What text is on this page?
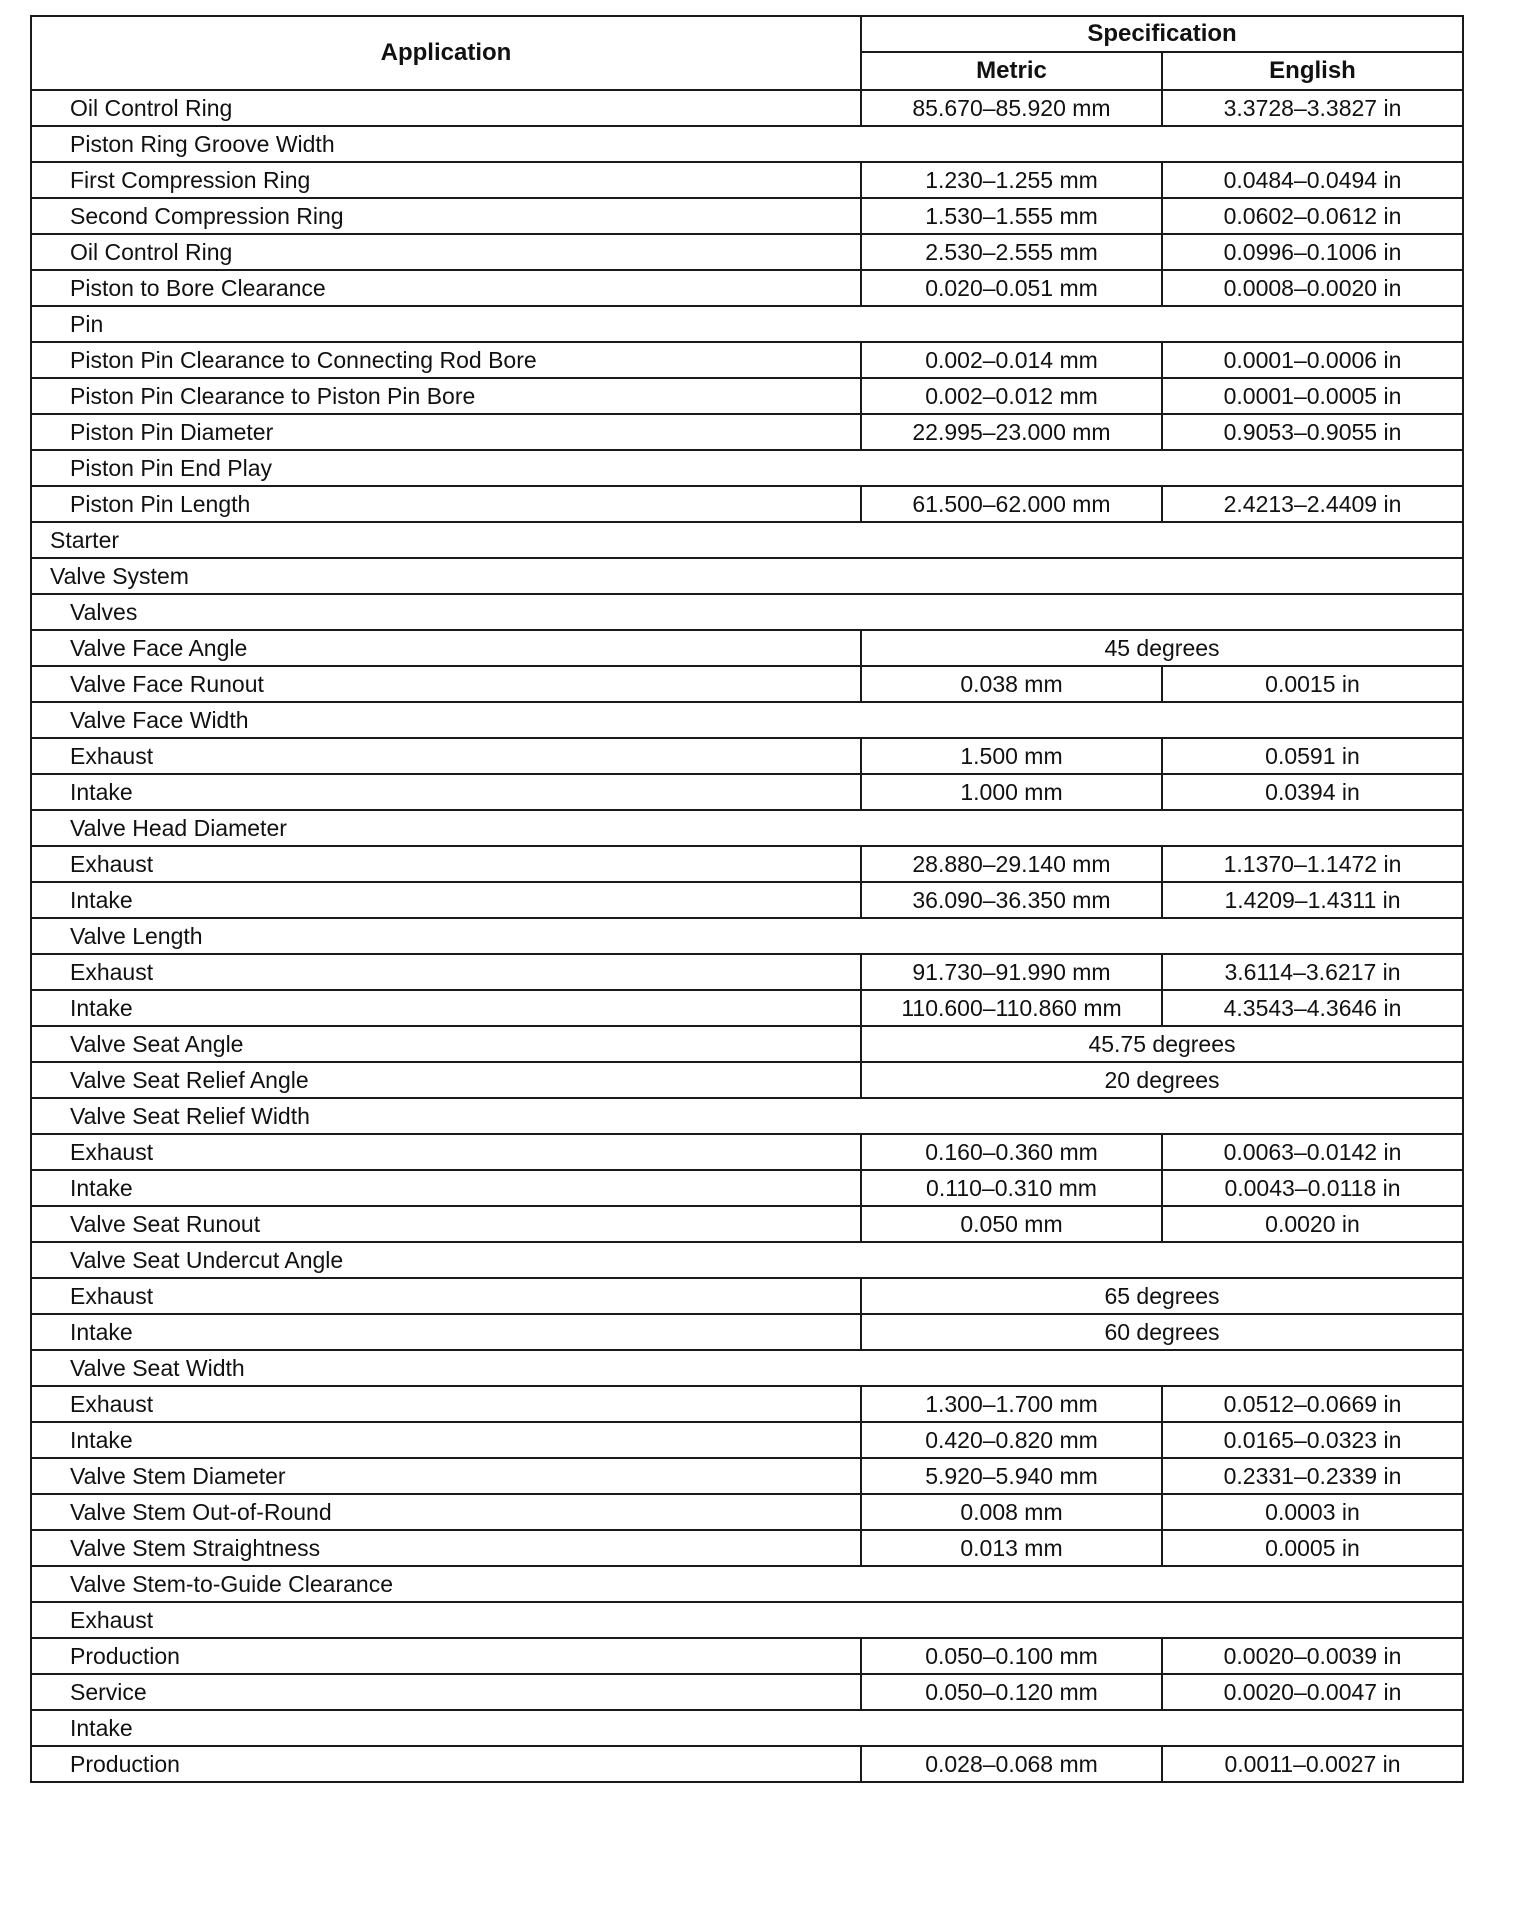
Application	Specification	
	Metric	English
Oil Control Ring	85.670–85.920 mm	3.3728–3.3827 in
Piston Ring Groove Width		
First Compression Ring	1.230–1.255 mm	0.0484–0.0494 in
Second Compression Ring	1.530–1.555 mm	0.0602–0.0612 in
Oil Control Ring	2.530–2.555 mm	0.0996–0.1006 in
Piston to Bore Clearance	0.020–0.051 mm	0.0008–0.0020 in
Pin		
Piston Pin Clearance to Connecting Rod Bore	0.002–0.014 mm	0.0001–0.0006 in
Piston Pin Clearance to Piston Pin Bore	0.002–0.012 mm	0.0001–0.0005 in
Piston Pin Diameter	22.995–23.000 mm	0.9053–0.9055 in
Piston Pin End Play		
Piston Pin Length	61.500–62.000 mm	2.4213–2.4409 in
Starter		
Valve System		
Valves		
Valve Face Angle	45 degrees	
Valve Face Runout	0.038 mm	0.0015 in
Valve Face Width		
Exhaust	1.500 mm	0.0591 in
Intake	1.000 mm	0.0394 in
Valve Head Diameter		
Exhaust	28.880–29.140 mm	1.1370–1.1472 in
Intake	36.090–36.350 mm	1.4209–1.4311 in
Valve Length		
Exhaust	91.730–91.990 mm	3.6114–3.6217 in
Intake	110.600–110.860 mm	4.3543–4.3646 in
Valve Seat Angle	45.75 degrees	
Valve Seat Relief Angle	20 degrees	
Valve Seat Relief Width		
Exhaust	0.160–0.360 mm	0.0063–0.0142 in
Intake	0.110–0.310 mm	0.0043–0.0118 in
Valve Seat Runout	0.050 mm	0.0020 in
Valve Seat Undercut Angle		
Exhaust	65 degrees	
Intake	60 degrees	
Valve Seat Width		
Exhaust	1.300–1.700 mm	0.0512–0.0669 in
Intake	0.420–0.820 mm	0.0165–0.0323 in
Valve Stem Diameter	5.920–5.940 mm	0.2331–0.2339 in
Valve Stem Out-of-Round	0.008 mm	0.0003 in
Valve Stem Straightness	0.013 mm	0.0005 in
Valve Stem-to-Guide Clearance		
Exhaust		
Production	0.050–0.100 mm	0.0020–0.0039 in
Service	0.050–0.120 mm	0.0020–0.0047 in
Intake		
Production	0.028–0.068 mm	0.0011–0.0027 in
